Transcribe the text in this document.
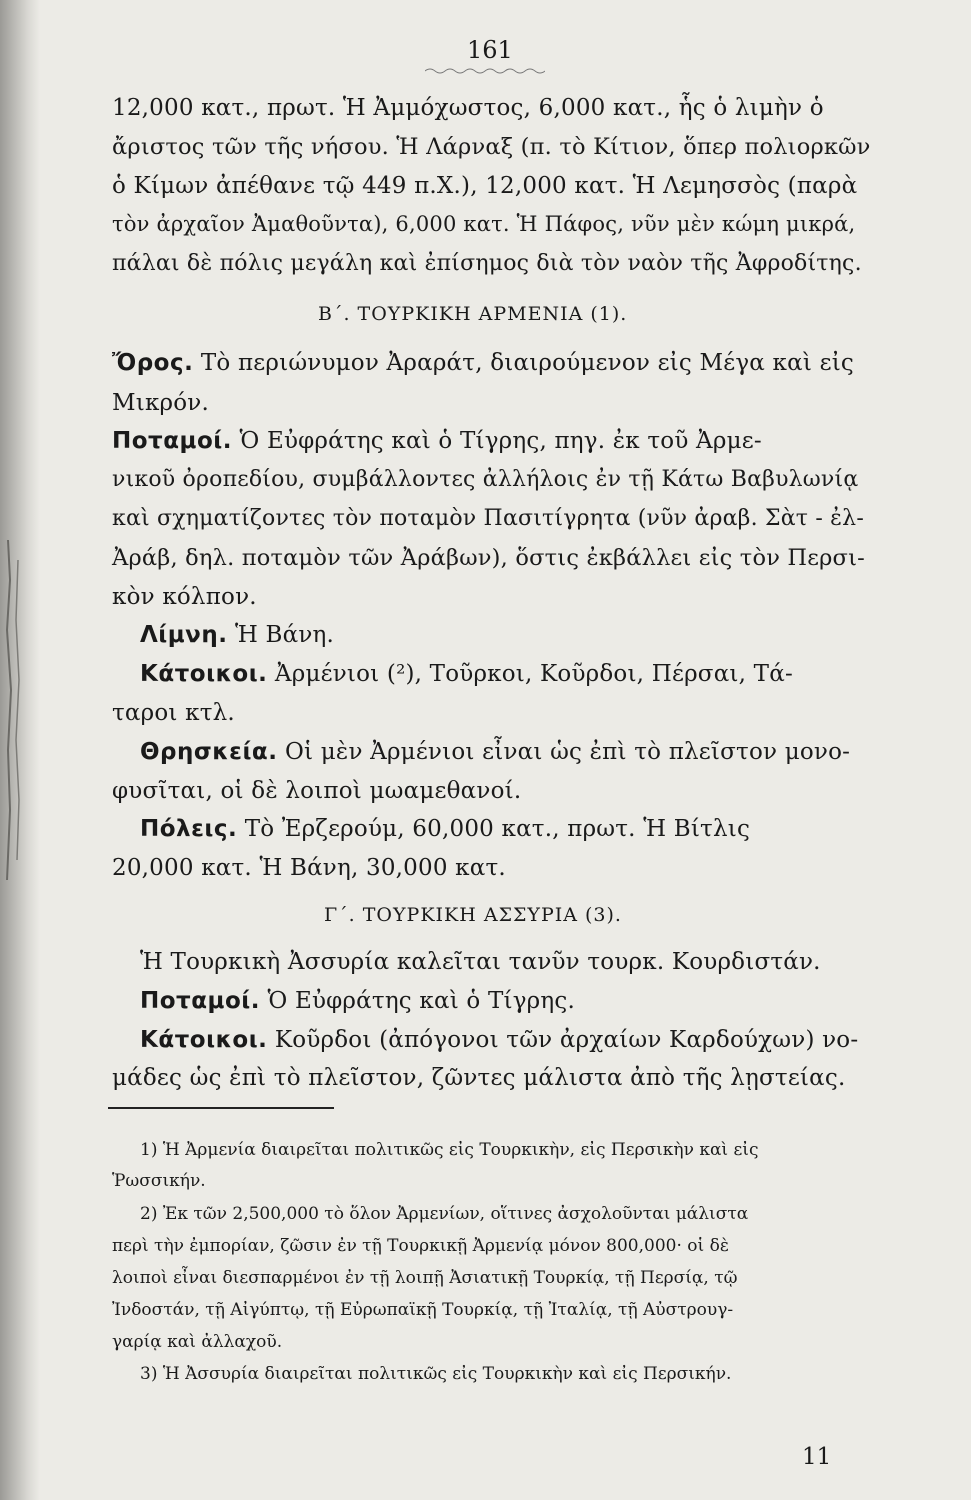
161
12,000 κατ., πρωτ. Ἡ Ἀμμόχωστος, 6,000 κατ., ἧς ὁ λιμὴν ὁ
ἄριστος τῶν τῆς νήσου. Ἡ Λάρναξ (π. τὸ Κίτιον, ὅπερ πολιορκῶν
ὁ Κίμων ἀπέθανε τῷ 449 π.Χ.), 12,000 κατ. Ἡ Λεμησσὸς (παρὰ
τὸν ἀρχαῖον Ἀμαθοῦντα), 6,000 κατ. Ἡ Πάφος, νῦν μὲν κώμη μικρά,
πάλαι δὲ πόλις μεγάλη καὶ ἐπίσημος διὰ τὸν ναὸν τῆς Ἀφροδίτης.
Β΄. ΤΟΥΡΚΙΚΗ ΑΡΜΕΝΙΑ (1).
Ὄρος. Τὸ περιώνυμον Ἀραράτ, διαιρούμενον εἰς Μέγα καὶ εἰς
Μικρόν.
Ποταμοί. Ὁ Εὐφράτης καὶ ὁ Τίγρης, πηγ. ἐκ τοῦ Ἀρμε-
νικοῦ ὀροπεδίου, συμβάλλοντες ἀλλήλοις ἐν τῇ Κάτω Βαβυλωνίᾳ
καὶ σχηματίζοντες τὸν ποταμὸν Πασιτίγρητα (νῦν ἀραβ. Σὰτ - ἐλ-
Ἀράβ, δηλ. ποταμὸν τῶν Ἀράβων), ὅστις ἐκβάλλει εἰς τὸν Περσι-
κὸν κόλπον.
Λίμνη. Ἡ Βάνη.
Κάτοικοι. Ἀρμένιοι (²), Τοῦρκοι, Κοῦρδοι, Πέρσαι, Τά-
ταροι κτλ.
Θρησκεία. Οἱ μὲν Ἀρμένιοι εἶναι ὡς ἐπὶ τὸ πλεῖστον μονο-
φυσῖται, οἱ δὲ λοιποὶ μωαμεθανοί.
Πόλεις. Τὸ Ἐρζερούμ, 60,000 κατ., πρωτ. Ἡ Βίτλις
20,000 κατ. Ἡ Βάνη, 30,000 κατ.
Γ΄. ΤΟΥΡΚΙΚΗ ΑΣΣΥΡΙΑ (3).
Ἡ Τουρκικὴ Ἀσσυρία καλεῖται τανῦν τουρκ. Κουρδιστάν.
Ποταμοί. Ὁ Εὐφράτης καὶ ὁ Τίγρης.
Κάτοικοι. Κοῦρδοι (ἀπόγονοι τῶν ἀρχαίων Καρδούχων) νο-
μάδες ὡς ἐπὶ τὸ πλεῖστον, ζῶντες μάλιστα ἀπὸ τῆς λῃστείας.
1) Ἡ Ἀρμενία διαιρεῖται πολιτικῶς εἰς Τουρκικὴν, εἰς Περσικὴν καὶ εἰς
Ῥωσσικήν.
2) Ἐκ τῶν 2,500,000 τὸ ὅλον Ἀρμενίων, οἵτινες ἀσχολοῦνται μάλιστα
περὶ τὴν ἐμπορίαν, ζῶσιν ἐν τῇ Τουρκικῇ Ἀρμενίᾳ μόνον 800,000· οἱ δὲ
λοιποὶ εἶναι διεσπαρμένοι ἐν τῇ λοιπῇ Ἀσιατικῇ Τουρκίᾳ, τῇ Περσίᾳ, τῷ
Ἰνδοστάν, τῇ Αἰγύπτῳ, τῇ Εὐρωπαϊκῇ Τουρκίᾳ, τῇ Ἰταλίᾳ, τῇ Αὐστρουγ-
γαρίᾳ καὶ ἀλλαχοῦ.
3) Ἡ Ἀσσυρία διαιρεῖται πολιτικῶς εἰς Τουρκικὴν καὶ εἰς Περσικήν.
11
